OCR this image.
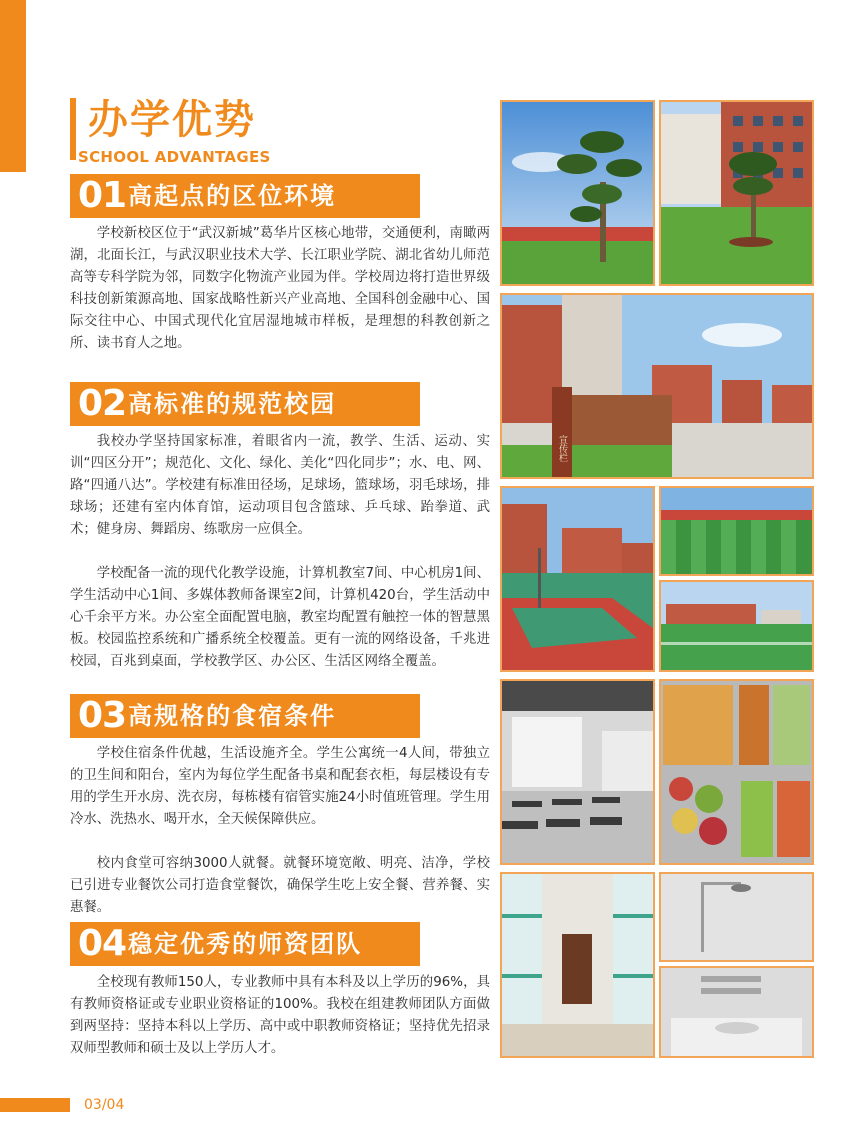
办学优势
SCHOOL ADVANTAGES
01 高起点的区位环境

学校新校区位于“武汉新城”葛华片区核心地带，交通便利，南瞰两湖，北面长江，与武汉职业技术大学、长江职业学院、湖北省幼儿师范高等专科学院为邻，同数字化物流产业园为伴。学校周边将打造世界级科技创新策源高地、国家战略性新兴产业高地、全国科创金融中心、国际交往中心、中国式现代化宜居湿地城市样板，是理想的科教创新之所、读书育人之地。

02 高标准的规范校园

我校办学坚持国家标准，着眼省内一流，教学、生活、运动、实训“四区分开”；规范化、文化、绿化、美化“四化同步”；水、电、网、路“四通八达”。学校建有标准田径场，足球场，篮球场，羽毛球场，排球场；还建有室内体育馆，运动项目包含篮球、乒乓球、跆拳道、武术；健身房、舞蹈房、练歌房一应俱全。

学校配备一流的现代化教学设施，计算机教室7间、中心机房1间、学生活动中心1间、多媒体教师备课室2间，计算机420台，学生活动中心千余平方米。办公室全面配置电脑，教室均配置有触控一体的智慧黑板。校园监控系统和广播系统全校覆盖。更有一流的网络设备，千兆进校园，百兆到桌面，学校教学区、办公区、生活区网络全覆盖。

03 高规格的食宿条件

学校住宿条件优越，生活设施齐全。学生公寓统一4人间，带独立的卫生间和阳台，室内为每位学生配备书桌和配套衣柜，每层楼设有专用的学生开水房、洗衣房，每栋楼有宿管实施24小时值班管理。学生用冷水、洗热水、喝开水，全天候保障供应。

校内食堂可容纳3000人就餐。就餐环境宽敞、明亮、洁净，学校已引进专业餐饮公司打造食堂餐饮，确保学生吃上安全餐、营养餐、实惠餐。

04 稳定优秀的师资团队

全校现有教师150人，专业教师中具有本科及以上学历的96%，具有教师资格证或专业职业资格证的100%。我校在组建教师团队方面做到两坚持：坚持本科以上学历、高中或中职教师资格证；坚持优先招录双师型教师和硕士及以上学历人才。

宣传栏
03/04
